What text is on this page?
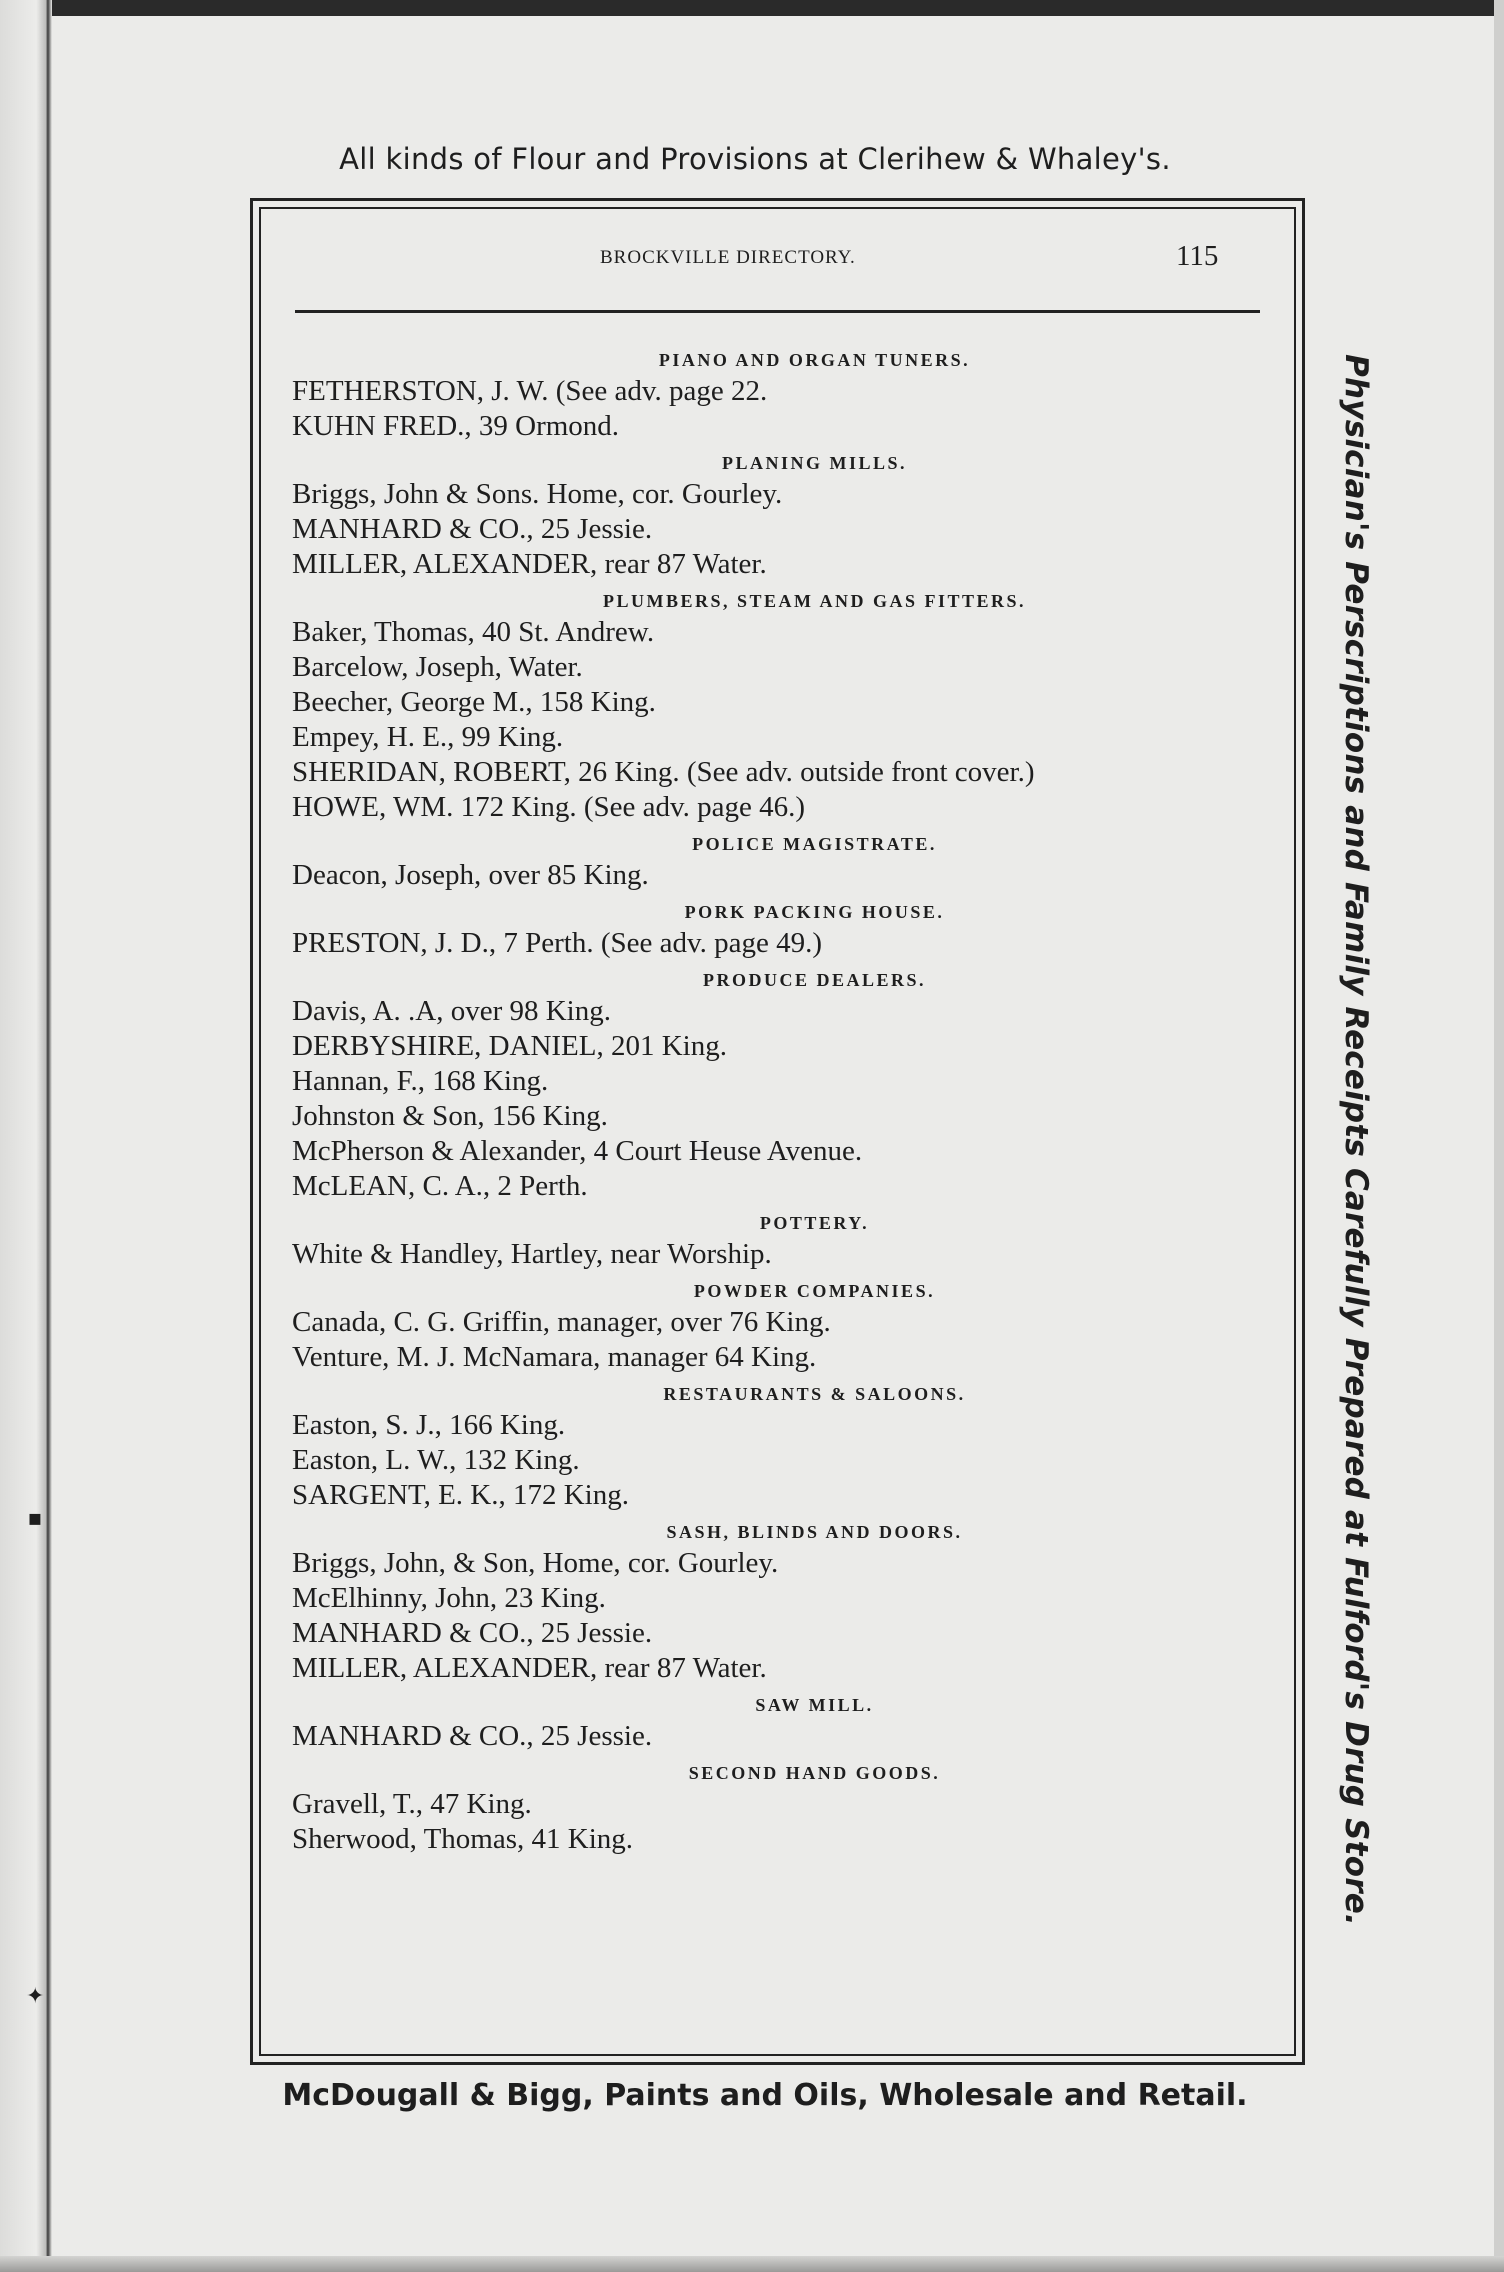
▪
✦
All kinds of Flour and Provisions at Clerihew & Whaley's.
BROCKVILLE DIRECTORY.	115
PIANO AND ORGAN TUNERS.
FETHERSTON, J. W. (See adv. page 22.
KUHN FRED., 39 Ormond.
PLANING MILLS.
Briggs, John & Sons. Home, cor. Gourley.
MANHARD & CO., 25 Jessie.
MILLER, ALEXANDER, rear 87 Water.
PLUMBERS, STEAM AND GAS FITTERS.
Baker, Thomas, 40 St. Andrew.
Barcelow, Joseph, Water.
Beecher, George M., 158 King.
Empey, H. E., 99 King.
SHERIDAN, ROBERT, 26 King. (See adv. outside front cover.)
HOWE, WM. 172 King. (See adv. page 46.)
POLICE MAGISTRATE.
Deacon, Joseph, over 85 King.
PORK PACKING HOUSE.
PRESTON, J. D., 7 Perth. (See adv. page 49.)
PRODUCE DEALERS.
Davis, A. .A, over 98 King.
DERBYSHIRE, DANIEL, 201 King.
Hannan, F., 168 King.
Johnston & Son, 156 King.
McPherson & Alexander, 4 Court Heuse Avenue.
McLEAN, C. A., 2 Perth.
POTTERY.
White & Handley, Hartley, near Worship.
POWDER COMPANIES.
Canada, C. G. Griffin, manager, over 76 King.
Venture, M. J. McNamara, manager 64 King.
RESTAURANTS & SALOONS.
Easton, S. J., 166 King.
Easton, L. W., 132 King.
SARGENT, E. K., 172 King.
SASH, BLINDS AND DOORS.
Briggs, John, & Son, Home, cor. Gourley.
McElhinny, John, 23 King.
MANHARD & CO., 25 Jessie.
MILLER, ALEXANDER, rear 87 Water.
SAW MILL.
MANHARD & CO., 25 Jessie.
SECOND HAND GOODS.
Gravell, T., 47 King.
Sherwood, Thomas, 41 King.	Physician's Perscriptions and Family Receipts Carefully Prepared at Fulford's Drug Store.
McDougall & Bigg, Paints and Oils, Wholesale and Retail.
